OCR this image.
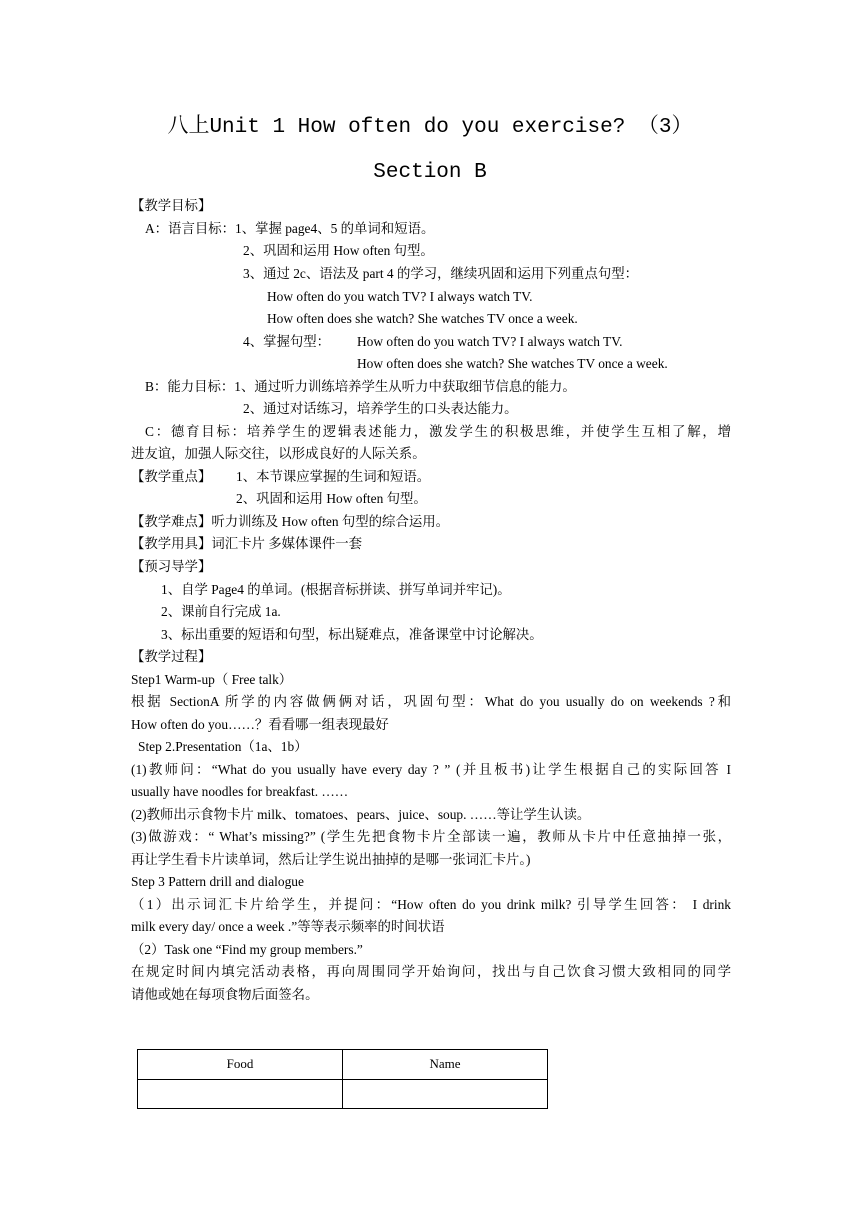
八上Unit 1 How often do you exercise? （3）
Section B
【教学目标】
A：语言目标：1、掌握 page4、5 的单词和短语。
2、巩固和运用 How often 句型。
3、通过 2c、语法及 part 4 的学习，继续巩固和运用下列重点句型：
How often do you watch TV? I always watch TV.
How often does she watch? She watches TV once a week.
4、掌握句型： How often do you watch TV? I always watch TV.
How often does she watch? She watches TV once a week.
B：能力目标：1、通过听力训练培养学生从听力中获取细节信息的能力。
2、通过对话练习，培养学生的口头表达能力。
C：德育目标：培养学生的逻辑表述能力，激发学生的积极思维，并使学生互相了解，增
进友谊，加强人际交往，以形成良好的人际关系。
【教学重点】 1、本节课应掌握的生词和短语。
2、巩固和运用 How often 句型。
【教学难点】听力训练及 How often 句型的综合运用。
【教学用具】词汇卡片 多媒体课件一套
【预习导学】
1、自学 Page4 的单词。(根据音标拼读、拼写单词并牢记)。
2、课前自行完成 1a.
3、标出重要的短语和句型，标出疑难点，准备课堂中讨论解决。
【教学过程】
Step1 Warm-up（ Free talk）
根据 SectionA 所学的内容做俩俩对话，巩固句型：What do you usually do on weekends ?和
How often do you……？看看哪一组表现最好
Step 2.Presentation（1a、1b）
(1)教师问：“What do you usually have every day ? ” (并且板书)让学生根据自己的实际回答 I
usually have noodles for breakfast. ……
(2)教师出示食物卡片 milk、tomatoes、pears、juice、soup. ……等让学生认读。
(3)做游戏：“ What’s missing?” (学生先把食物卡片全部读一遍，教师从卡片中任意抽掉一张，
再让学生看卡片读单词，然后让学生说出抽掉的是哪一张词汇卡片。)
Step 3 Pattern drill and dialogue
（1）出示词汇卡片给学生，并提问：“How often do you drink milk? 引导学生回答： I drink
milk every day/ once a week .”等等表示频率的时间状语
（2）Task one “Find my group members.”
在规定时间内填完活动表格，再向周围同学开始询问，找出与自己饮食习惯大致相同的同学
请他或她在每项食物后面签名。
Food	Name
